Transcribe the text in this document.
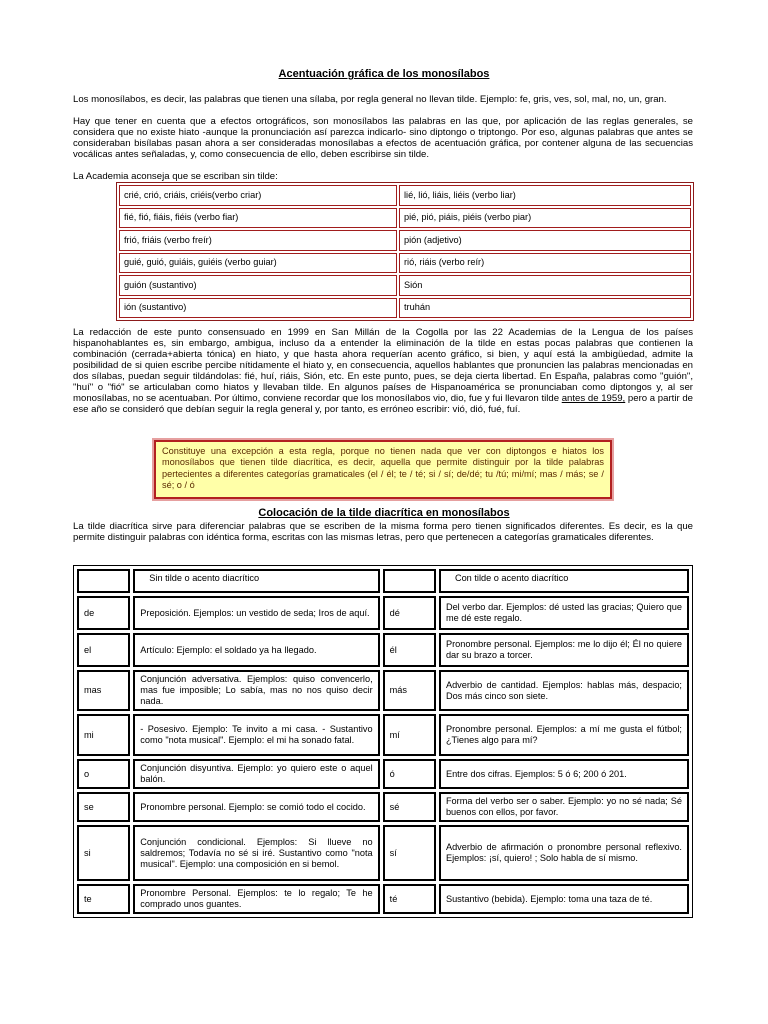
Acentuación gráfica de los monosílabos
Los monosílabos, es decir, las palabras que tienen una sílaba, por regla general no llevan tilde. Ejemplo: fe, gris, ves, sol, mal, no, un, gran.
Hay que tener en cuenta que a efectos ortográficos, son monosílabos las palabras en las que, por aplicación de las reglas generales, se considera que no existe hiato -aunque la pronunciación así parezca indicarlo- sino diptongo o triptongo. Por eso, algunas palabras que antes se consideraban bisílabas pasan ahora a ser consideradas monosílabas a efectos de acentuación gráfica, por contener alguna de las secuencias vocálicas antes señaladas, y, como consecuencia de ello, deben escribirse sin tilde.
La Academia aconseja que se escriban sin tilde:
crié, crió, criáis, criéis(verbo criar)	lié, lió, liáis, liéis (verbo liar)
fié, fió, fiáis, fiéis (verbo fiar)	pié, pió, piáis, piéis (verbo piar)
frió, friáis (verbo freír)	pión (adjetivo)
guié, guió, guiáis, guiéis (verbo guiar)	rió, riáis (verbo reír)
guión (sustantivo)	Sión
ión (sustantivo)	truhán
La redacción de este punto consensuado en 1999 en San Millán de la Cogolla por las 22 Academias de la Lengua de los países hispanohablantes es, sin embargo, ambigua, incluso da a entender la eliminación de la tilde en estas pocas palabras que contienen la combinación (cerrada+abierta tónica) en hiato, y que hasta ahora requerían acento gráfico, si bien, y aquí está la ambigüedad, admite la posibilidad de si quien escribe percibe nítidamente el hiato y, en consecuencia, aquellos hablantes que pronuncien las palabras mencionadas en dos sílabas, puedan seguir tildándolas: fié, huí, riáis, Sión, etc. En este punto, pues, se deja cierta libertad. En España, palabras como "guión", "huí" o "fió" se articulaban como hiatos y llevaban tilde. En algunos países de Hispanoamérica se pronunciaban como diptongos y, al ser monosílabas, no se acentuaban. Por último, conviene recordar que los monosílabos vio, dio, fue y fui llevaron tilde antes de 1959, pero a partir de ese año se consideró que debían seguir la regla general y, por tanto, es erróneo escribir: vió, dió, fué, fuí.
Constituye una excepción a esta regla, porque no tienen nada que ver con diptongos e hiatos los monosílabos que tienen tilde diacrítica, es decir, aquella que permite distinguir por la tilde palabras pertecientes a diferentes categorías gramaticales (el / él; te / té; si / sí; de/dé; tu /tú; mi/mí; mas / más; se / sé; o / ó
Colocación de la tilde diacrítica en monosílabos
La tilde diacrítica sirve para diferenciar palabras que se escriben de la misma forma pero tienen significados diferentes. Es decir, es la que permite distinguir palabras con idéntica forma, escritas con las mismas letras, pero que pertenecen a categorías gramaticales diferentes.
	Sin tilde o acento diacrítico		Con tilde o acento diacrítico
de	Preposición. Ejemplos: un vestido de seda; Iros de aquí.	dé	Del verbo dar. Ejemplos: dé usted las gracias; Quiero que me dé este regalo.
el	Artículo: Ejemplo: el soldado ya ha llegado.	él	Pronombre personal. Ejemplos: me lo dijo él; Él no quiere dar su brazo a torcer.
mas	Conjunción adversativa. Ejemplos: quiso convencerlo, mas fue imposible; Lo sabía, mas no nos quiso decir nada.	más	Adverbio de cantidad. Ejemplos: hablas más, despacio; Dos más cinco son siete.
mi	- Posesivo. Ejemplo: Te invito a mi casa. - Sustantivo como "nota musical". Ejemplo: el mi ha sonado fatal.	mí	Pronombre personal. Ejemplos: a mí me gusta el fútbol; ¿Tienes algo para mí?
o	Conjunción disyuntiva. Ejemplo: yo quiero este o aquel balón.	ó	Entre dos cifras. Ejemplos: 5 ó 6; 200 ó 201.
se	Pronombre personal. Ejemplo: se comió todo el cocido.	sé	Forma del verbo ser o saber. Ejemplo: yo no sé nada; Sé buenos con ellos, por favor.
si	Conjunción condicional. Ejemplos: Si llueve no saldremos; Todavía no sé si iré. Sustantivo como "nota musical". Ejemplo: una composición en si bemol.	sí	Adverbio de afirmación o pronombre personal reflexivo. Ejemplos: ¡sí, quiero! ; Solo habla de sí mismo.
te	Pronombre Personal. Ejemplos: te lo regalo; Te he comprado unos guantes.	té	Sustantivo (bebida). Ejemplo: toma una taza de té.
